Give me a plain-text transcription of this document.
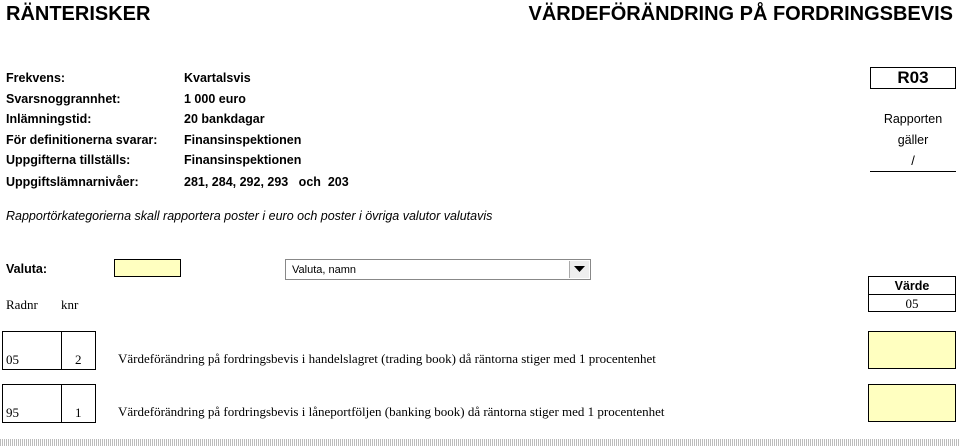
RÄNTERISKER	VÄRDEFÖRÄNDRING PÅ FORDRINGSBEVIS
Frekvens:	Kvartalsvis
Svarsnoggrannhet:	1 000 euro
Inlämningstid:	20 bankdagar
För definitionerna svarar: Finansinspektionen
Uppgifterna tillställs:	Finansinspektionen
Uppgiftslämnarnivåer:	281, 284, 292, 293   och  203
R03
Rapporten
gäller
/
Rapportörkategorierna skall rapportera poster i euro och poster i övriga valutor valutavis
Valuta:	Valuta, namn
Radnr knr
Värde
05
05	2	Värdeförändring på fordringsbevis i handelslagret (trading book) då räntorna stiger med 1 procentenhet
95	1	Värdeförändring på fordringsbevis i låneportföljen (banking book) då räntorna stiger med 1 procentenhet
